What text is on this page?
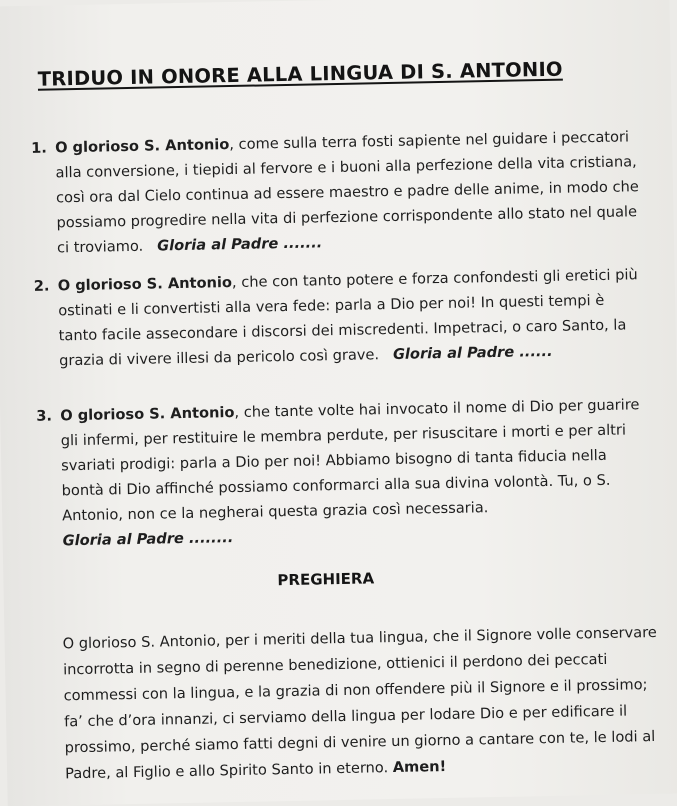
TRIDUO IN ONORE ALLA LINGUA DI S. ANTONIO
1. O glorioso S. Antonio, come sulla terra fosti sapiente nel guidare i peccatori alla conversione, i tiepidi al fervore e i buoni alla perfezione della vita cristiana, così ora dal Cielo continua ad essere maestro e padre delle anime, in modo che possiamo progredire nella vita di perfezione corrispondente allo stato nel quale ci troviamo. Gloria al Padre .......
2. O glorioso S. Antonio, che con tanto potere e forza confondesti gli eretici più ostinati e li convertisti alla vera fede: parla a Dio per noi! In questi tempi è tanto facile assecondare i discorsi dei miscredenti. Impetraci, o caro Santo, la grazia di vivere illesi da pericolo così grave. Gloria al Padre ......
3. O glorioso S. Antonio, che tante volte hai invocato il nome di Dio per guarire gli infermi, per restituire le membra perdute, per risuscitare i morti e per altri svariati prodigi: parla a Dio per noi! Abbiamo bisogno di tanta fiducia nella bontà di Dio affinché possiamo conformarci alla sua divina volontà. Tu, o S. Antonio, non ce la negherai questa grazia così necessaria.
Gloria al Padre ........
PREGHIERA
O glorioso S. Antonio, per i meriti della tua lingua, che il Signore volle conservare incorrotta in segno di perenne benedizione, ottienici il perdono dei peccati commessi con la lingua, e la grazia di non offendere più il Signore e il prossimo; fa’ che d’ora innanzi, ci serviamo della lingua per lodare Dio e per edificare il prossimo, perché siamo fatti degni di venire un giorno a cantare con te, le lodi al Padre, al Figlio e allo Spirito Santo in eterno. Amen!
